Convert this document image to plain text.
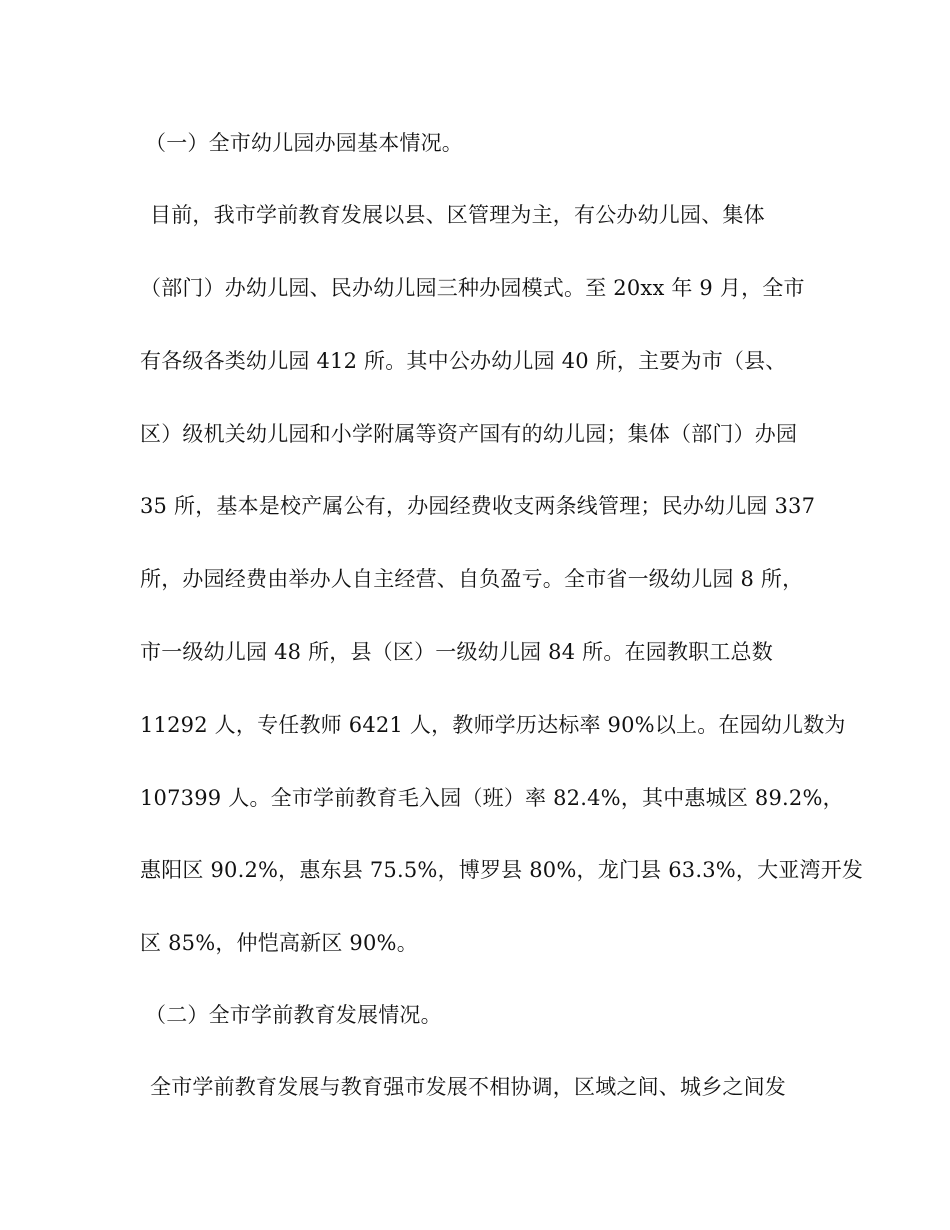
（一）全市幼儿园办园基本情况。
目前，我市学前教育发展以县、区管理为主，有公办幼儿园、集体
（部门）办幼儿园、民办幼儿园三种办园模式。至 20xx 年 9 月，全市
有各级各类幼儿园 412 所。其中公办幼儿园 40 所，主要为市（县、
区）级机关幼儿园和小学附属等资产国有的幼儿园；集体（部门）办园
35 所，基本是校产属公有，办园经费收支两条线管理；民办幼儿园 337
所，办园经费由举办人自主经营、自负盈亏。全市省一级幼儿园 8 所，
市一级幼儿园 48 所，县（区）一级幼儿园 84 所。在园教职工总数
11292 人，专任教师 6421 人，教师学历达标率 90%以上。在园幼儿数为
107399 人。全市学前教育毛入园（班）率 82.4%，其中惠城区 89.2%，
惠阳区 90.2%，惠东县 75.5%，博罗县 80%，龙门县 63.3%，大亚湾开发
区 85%，仲恺高新区 90%。
（二）全市学前教育发展情况。
全市学前教育发展与教育强市发展不相协调，区域之间、城乡之间发
